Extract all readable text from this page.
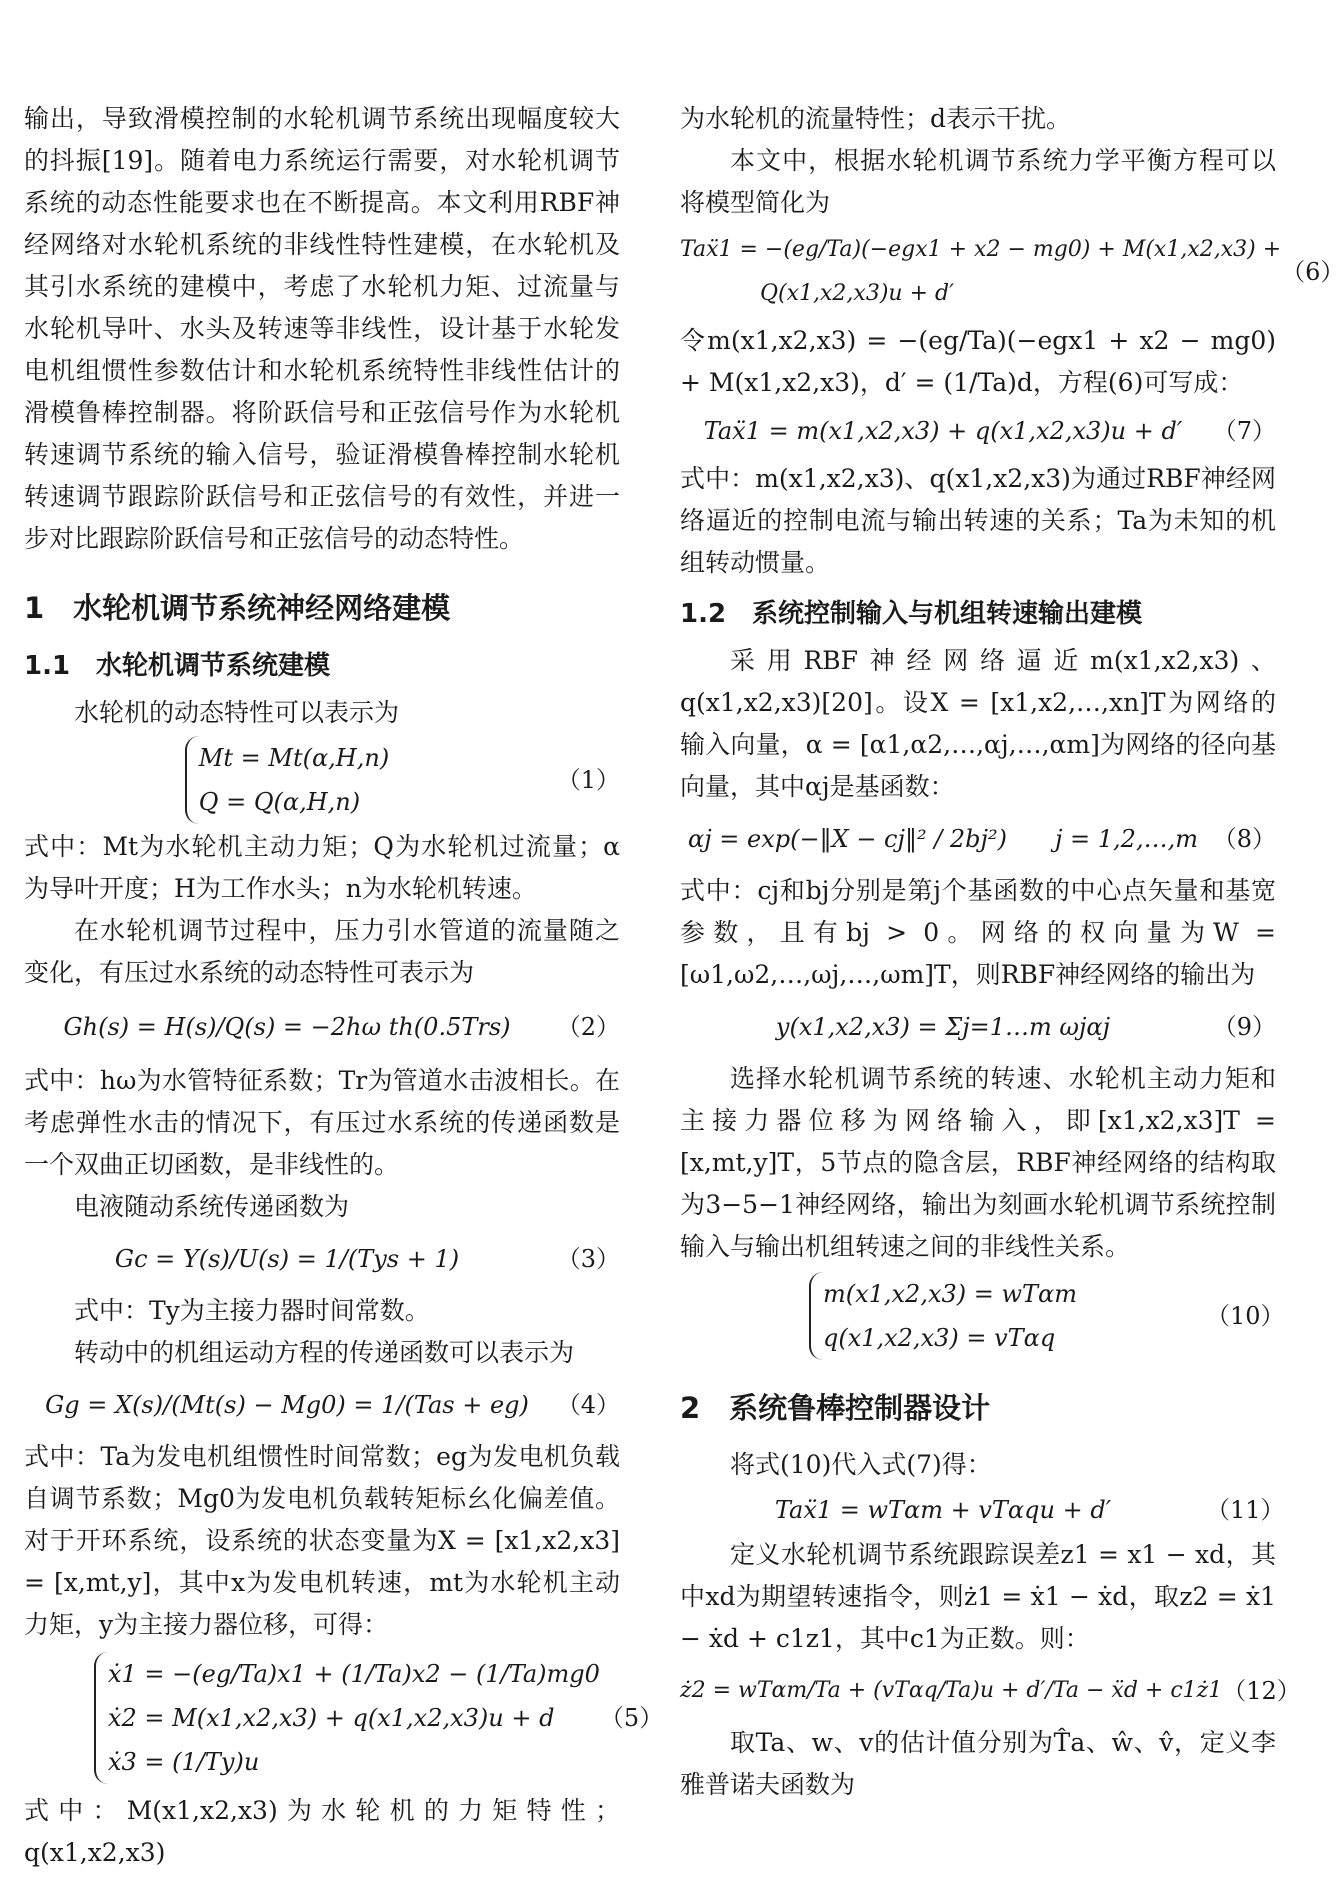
输出，导致滑模控制的水轮机调节系统出现幅度较大的抖振[19]。随着电力系统运行需要，对水轮机调节系统的动态性能要求也在不断提高。本文利用RBF神经网络对水轮机系统的非线性特性建模，在水轮机及其引水系统的建模中，考虑了水轮机力矩、过流量与水轮机导叶、水头及转速等非线性，设计基于水轮发电机组惯性参数估计和水轮机系统特性非线性估计的滑模鲁棒控制器。将阶跃信号和正弦信号作为水轮机转速调节系统的输入信号，验证滑模鲁棒控制水轮机转速调节跟踪阶跃信号和正弦信号的有效性，并进一步对比跟踪阶跃信号和正弦信号的动态特性。

1　水轮机调节系统神经网络建模
1.1　水轮机调节系统建模

水轮机的动态特性可以表示为

Mt = Mt(α,H,n)
Q = Q(α,H,n)
（1）

式中：Mt为水轮机主动力矩；Q为水轮机过流量；α为导叶开度；H为工作水头；n为水轮机转速。

在水轮机调节过程中，压力引水管道的流量随之变化，有压过水系统的动态特性可表示为

Gh(s) = H(s)/Q(s) = −2hω th(0.5Trs)	（2）

式中：hω为水管特征系数；Tr为管道水击波相长。在考虑弹性水击的情况下，有压过水系统的传递函数是一个双曲正切函数，是非线性的。

电液随动系统传递函数为

Gc = Y(s)/U(s) = 1/(Tys + 1)	（3）

式中：Ty为主接力器时间常数。

转动中的机组运动方程的传递函数可以表示为

Gg = X(s)/(Mt(s) − Mg0) = 1/(Tas + eg)	（4）

式中：Ta为发电机组惯性时间常数；eg为发电机负载自调节系数；Mg0为发电机负载转矩标幺化偏差值。对于开环系统，设系统的状态变量为X = [x1,x2,x3] = [x,mt,y]，其中x为发电机转速，mt为水轮机主动力矩，y为主接力器位移，可得：

ẋ1 = −(eg/Ta)x1 + (1/Ta)x2 − (1/Ta)mg0
ẋ2 = M(x1,x2,x3) + q(x1,x2,x3)u + d
ẋ3 = (1/Ty)u
（5）

式中：M(x1,x2,x3)为水轮机的力矩特性；q(x1,x2,x3)

为水轮机的流量特性；d表示干扰。

本文中，根据水轮机调节系统力学平衡方程可以将模型简化为

Taẍ1 = −(eg/Ta)(−egx1 + x2 − mg0) + M(x1,x2,x3) +
Q(x1,x2,x3)u + d′
（6）

令m(x1,x2,x3) = −(eg/Ta)(−egx1 + x2 − mg0) + M(x1,x2,x3)，d′ = (1/Ta)d，方程(6)可写成：

Taẍ1 = m(x1,x2,x3) + q(x1,x2,x3)u + d′	（7）

式中：m(x1,x2,x3)、q(x1,x2,x3)为通过RBF神经网络逼近的控制电流与输出转速的关系；Ta为未知的机组转动惯量。

1.2　系统控制输入与机组转速输出建模

采用RBF神经网络逼近m(x1,x2,x3)、q(x1,x2,x3)[20]。设X = [x1,x2,…,xn]T为网络的输入向量，α = [α1,α2,…,αj,…,αm]为网络的径向基向量，其中αj是基函数：

αj = exp(−‖X − cj‖² / 2bj²)　　j = 1,2,…,m （8）

式中：cj和bj分别是第j个基函数的中心点矢量和基宽参数，且有bj > 0。网络的权向量为W = [ω1,ω2,…,ωj,…,ωm]T，则RBF神经网络的输出为

y(x1,x2,x3) = Σj=1…m ωjαj	（9）

选择水轮机调节系统的转速、水轮机主动力矩和主接力器位移为网络输入，即[x1,x2,x3]T = [x,mt,y]T，5节点的隐含层，RBF神经网络的结构取为3−5−1神经网络，输出为刻画水轮机调节系统控制输入与输出机组转速之间的非线性关系。

m(x1,x2,x3) = wTαm
q(x1,x2,x3) = vTαq
（10）
2　系统鲁棒控制器设计

将式(10)代入式(7)得：

Taẍ1 = wTαm + vTαqu + d′	（11）

定义水轮机调节系统跟踪误差z1 = x1 − xd，其中xd为期望转速指令，则ż1 = ẋ1 − ẋd，取z2 = ẋ1 − ẋd + c1z1，其中c1为正数。则：

ż2 = wTαm/Ta + (vTαq/Ta)u + d′/Ta − ẍd + c1ż1 （12）

取Ta、w、v的估计值分别为T̂a、ŵ、v̂，定义李雅普诺夫函数为
